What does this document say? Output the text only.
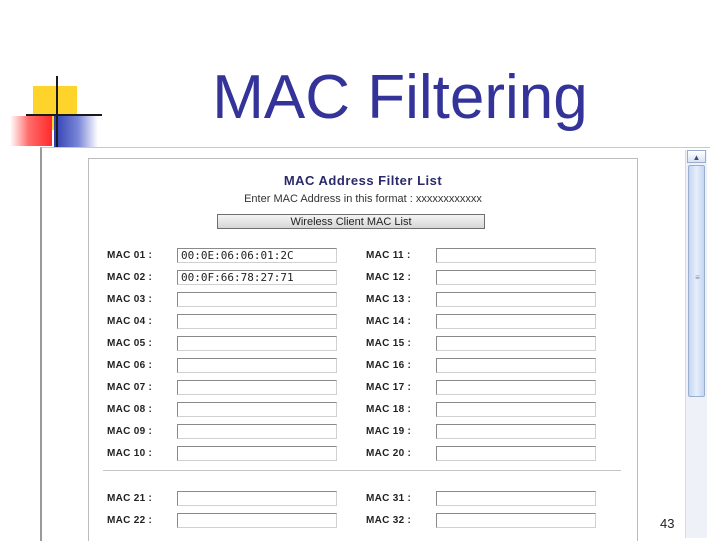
MAC Filtering
MAC Address Filter List
Enter MAC Address in this format : xxxxxxxxxxxx
Wireless Client MAC List
MAC 01 :
00:0E:06:06:01:2C
MAC 02 :
00:0F:66:78:27:71
MAC 03 :
MAC 04 :
MAC 05 :
MAC 06 :
MAC 07 :
MAC 08 :
MAC 09 :
MAC 10 :
MAC 11 :
MAC 12 :
MAC 13 :
MAC 14 :
MAC 15 :
MAC 16 :
MAC 17 :
MAC 18 :
MAC 19 :
MAC 20 :
MAC 21 :
MAC 22 :
MAC 31 :
MAC 32 :
▲
≡
43
